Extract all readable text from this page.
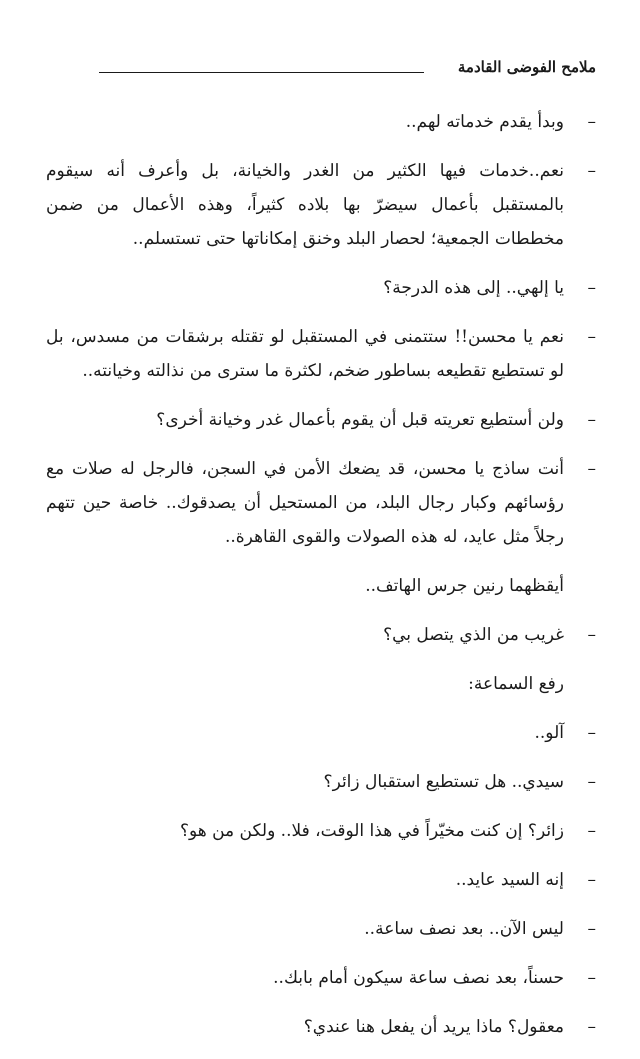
ملامح الفوضى القادمة

–
وبدأ يقدم خدماته لهم..

–
نعم..خدمات فيها الكثير من الغدر والخيانة، بل وأعرف أنه سيقوم بالمستقبل بأعمال سيضرّ بها بلاده كثيراً، وهذه الأعمال من ضمن مخططات الجمعية؛ لحصار البلد وخنق إمكاناتها حتى تستسلم..

–
يا إلهي.. إلى هذه الدرجة؟

–
نعم يا محسن!! ستتمنى في المستقبل لو تقتله برشقات من مسدس، بل لو تستطيع تقطيعه بساطور ضخم، لكثرة ما سترى من نذالته وخيانته..

–
ولن أستطيع تعريته قبل أن يقوم بأعمال غدر وخيانة أخرى؟

–
أنت ساذج يا محسن، قد يضعك الأمن في السجن، فالرجل له صلات مع رؤسائهم وكبار رجال البلد، من المستحيل أن يصدقوك.. خاصة حين تتهم رجلاً مثل عايد، له هذه الصولات والقوى القاهرة..

أيقظهما رنين جرس الهاتف..

–
غريب من الذي يتصل بي؟

رفع السماعة:

–
آلو..

–
سيدي.. هل تستطيع استقبال زائر؟

–
زائر؟ إن كنت مخيّراً في هذا الوقت، فلا.. ولكن من هو؟

–
إنه السيد عايد..

–
ليس الآن.. بعد نصف ساعة..

–
حسناً، بعد نصف ساعة سيكون أمام بابك..

–
معقول؟ ماذا يريد أن يفعل هنا عندي؟
